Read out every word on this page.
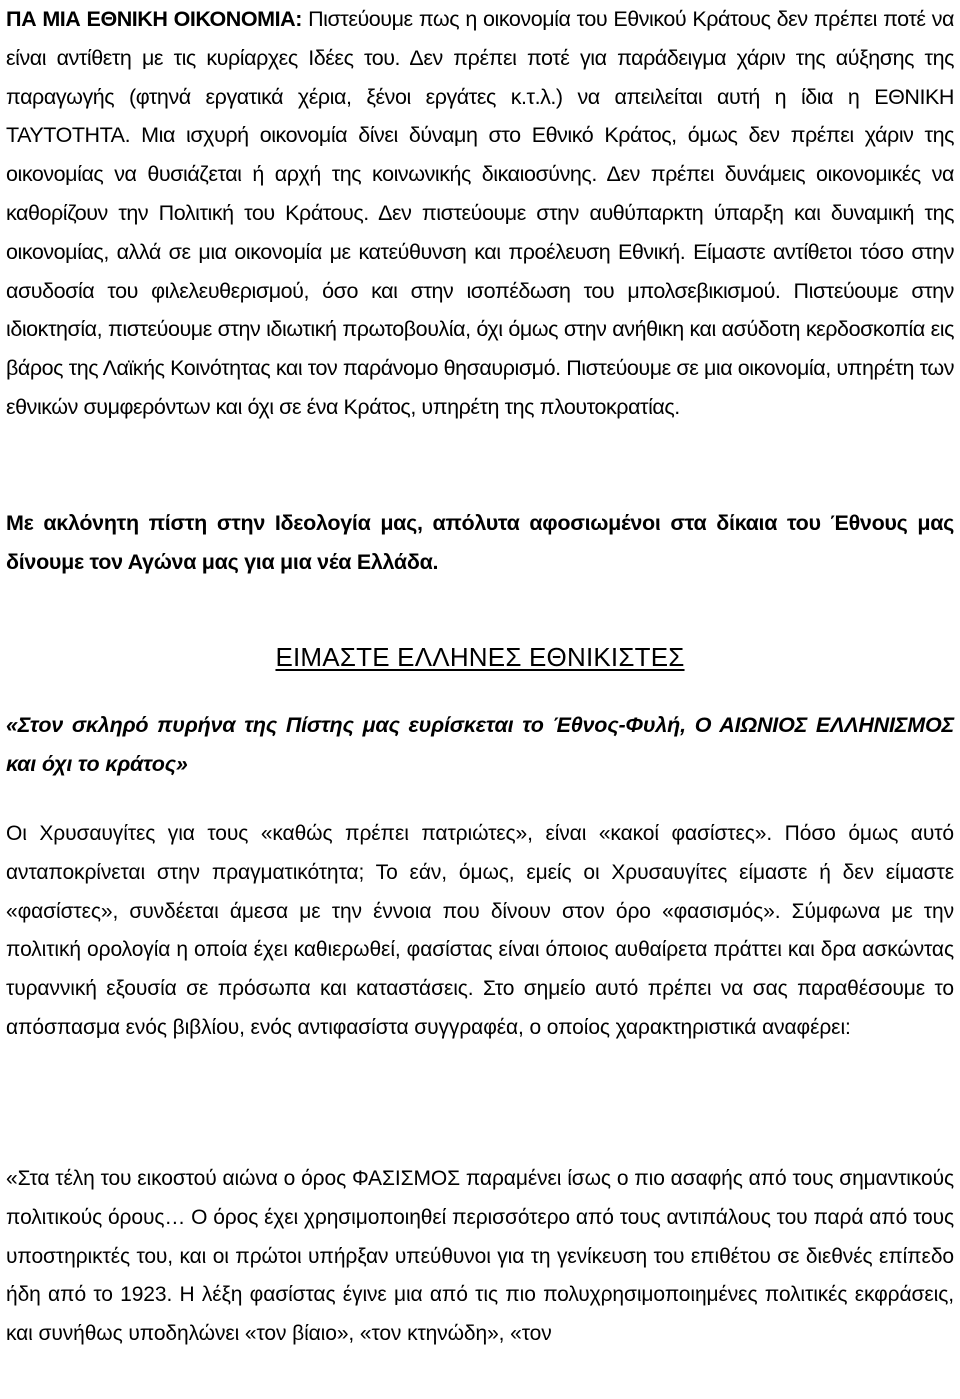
ΠΑ ΜΙΑ ΕΘΝΙΚΗ ΟΙΚΟΝΟΜΙΑ: Πιστεύουμε πως η οικονομία του Εθνικού Κράτους δεν πρέπει ποτέ να είναι αντίθετη με τις κυρίαρχες Ιδέες του. Δεν πρέπει ποτέ για παράδειγμα χάριν της αύξησης της παραγωγής (φτηνά εργατικά χέρια, ξένοι εργάτες κ.τ.λ.) να απειλείται αυτή η ίδια η ΕΘΝΙΚΗ ΤΑΥΤΟΤΗΤΑ. Μια ισχυρή οικονομία δίνει δύναμη στο Εθνικό Κράτος, όμως δεν πρέπει χάριν της οικονομίας να θυσιάζεται ή αρχή της κοινωνικής δικαιοσύνης. Δεν πρέπει δυνάμεις οικονομικές να καθορίζουν την Πολιτική του Κράτους. Δεν πιστεύουμε στην αυθύπαρκτη ύπαρξη και δυναμική της οικονομίας, αλλά σε μια οικονομία με κατεύθυνση και προέλευση Εθνική. Είμαστε αντίθετοι τόσο στην ασυδοσία του φιλελευθερισμού, όσο και στην ισοπέδωση του μπολσεβικισμού. Πιστεύουμε στην ιδιοκτησία, πιστεύουμε στην ιδιωτική πρωτοβουλία, όχι όμως στην ανήθικη και ασύδοτη κερδοσκοπία εις βάρος της Λαϊκής Κοινότητας και τον παράνομο θησαυρισμό. Πιστεύουμε σε μια οικονομία, υπηρέτη των εθνικών συμφερόντων και όχι σε ένα Κράτος, υπηρέτη της πλουτοκρατίας.

Με ακλόνητη πίστη στην Ιδεολογία μας, απόλυτα αφοσιωμένοι στα δίκαια του Έθνους μας δίνουμε τον Αγώνα μας για μια νέα Ελλάδα.

ΕΙΜΑΣΤΕ ΕΛΛΗΝΕΣ ΕΘΝΙΚΙΣΤΕΣ

«Στον σκληρό πυρήνα της Πίστης μας ευρίσκεται το Έθνος-Φυλή, Ο ΑΙΩΝΙΟΣ ΕΛΛΗΝΙΣΜΟΣ και όχι το κράτος»

Οι Χρυσαυγίτες για τους «καθώς πρέπει πατριώτες», είναι «κακοί φασίστες». Πόσο όμως αυτό ανταποκρίνεται στην πραγματικότητα; Το εάν, όμως, εμείς οι Χρυσαυγίτες είμαστε ή δεν είμαστε «φασίστες», συνδέεται άμεσα με την έννοια που δίνουν στον όρο «φασισμός». Σύμφωνα με την πολιτική ορολογία η οποία έχει καθιερωθεί, φασίστας είναι όποιος αυθαίρετα πράττει και δρα ασκώντας τυραννική εξουσία σε πρόσωπα και καταστάσεις. Στο σημείο αυτό πρέπει να σας παραθέσουμε το απόσπασμα ενός βιβλίου, ενός αντιφασίστα συγγραφέα, ο οποίος χαρακτηριστικά αναφέρει:

«Στα τέλη του εικοστού αιώνα ο όρος ΦΑΣΙΣΜΟΣ παραμένει ίσως ο πιο ασαφής από τους σημαντικούς πολιτικούς όρους… Ο όρος έχει χρησιμοποιηθεί περισσότερο από τους αντιπάλους του παρά από τους υποστηρικτές του, και οι πρώτοι υπήρξαν υπεύθυνοι για τη γενίκευση του επιθέτου σε διεθνές επίπεδο ήδη από το 1923. Η λέξη φασίστας έγινε μια από τις πιο πολυχρησιμοποιημένες πολιτικές εκφράσεις, και συνήθως υποδηλώνει «τον βίαιο», «τον κτηνώδη», «τον
